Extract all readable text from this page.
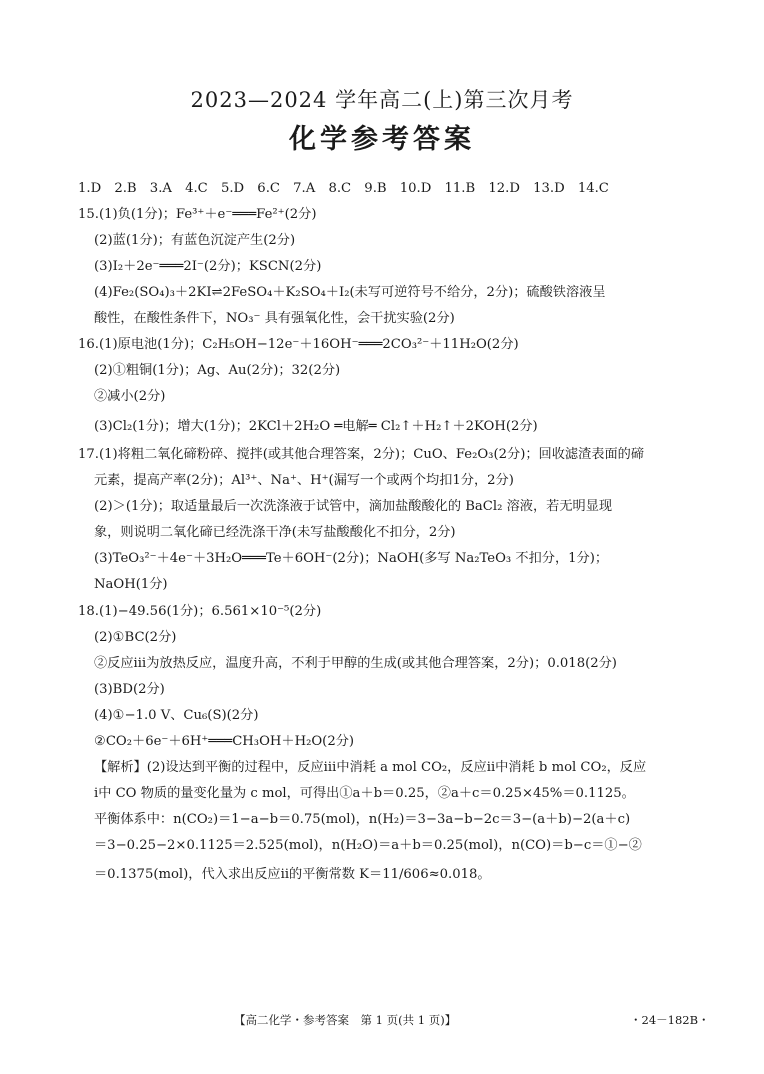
2023—2024 学年高二(上)第三次月考
化学参考答案
1.D　2.B　3.A　4.C　5.D　6.C　7.A　8.C　9.B　10.D　11.B　12.D　13.D　14.C
15.(1)负(1分)；Fe³⁺＋e⁻═══Fe²⁺(2分)
(2)蓝(1分)；有蓝色沉淀产生(2分)
(3)I₂＋2e⁻═══2I⁻(2分)；KSCN(2分)
(4)Fe₂(SO₄)₃＋2KI⇌2FeSO₄＋K₂SO₄＋I₂(未写可逆符号不给分，2分)；硫酸铁溶液呈
酸性，在酸性条件下，NO₃⁻ 具有强氧化性，会干扰实验(2分)
16.(1)原电池(1分)；C₂H₅OH−12e⁻＋16OH⁻═══2CO₃²⁻＋11H₂O(2分)
(2)①粗铜(1分)；Ag、Au(2分)；32(2分)
②减小(2分)
(3)Cl₂(1分)；增大(1分)；2KCl＋2H₂O ═电解═ Cl₂↑＋H₂↑＋2KOH(2分)
17.(1)将粗二氧化碲粉碎、搅拌(或其他合理答案，2分)；CuO、Fe₂O₃(2分)；回收滤渣表面的碲
元素，提高产率(2分)；Al³⁺、Na⁺、H⁺(漏写一个或两个均扣1分，2分)
(2)＞(1分)；取适量最后一次洗涤液于试管中，滴加盐酸酸化的 BaCl₂ 溶液，若无明显现
象，则说明二氧化碲已经洗涤干净(未写盐酸酸化不扣分，2分)
(3)TeO₃²⁻＋4e⁻＋3H₂O═══Te＋6OH⁻(2分)；NaOH(多写 Na₂TeO₃ 不扣分，1分)；
NaOH(1分)
18.(1)−49.56(1分)；6.561×10⁻⁵(2分)
(2)①BC(2分)
②反应ⅲ为放热反应，温度升高，不利于甲醇的生成(或其他合理答案，2分)；0.018(2分)
(3)BD(2分)
(4)①−1.0 V、Cu₆(S)(2分)
②CO₂＋6e⁻＋6H⁺═══CH₃OH＋H₂O(2分)
【解析】(2)设达到平衡的过程中，反应ⅲ中消耗 a mol CO₂，反应ⅱ中消耗 b mol CO₂，反应
ⅰ中 CO 物质的量变化量为 c mol，可得出①a＋b＝0.25，②a＋c＝0.25×45%＝0.1125。
平衡体系中：n(CO₂)＝1−a−b＝0.75(mol)，n(H₂)＝3−3a−b−2c＝3−(a＋b)−2(a＋c)
＝3−0.25−2×0.1125＝2.525(mol)，n(H₂O)＝a＋b＝0.25(mol)，n(CO)＝b−c＝①−②
＝0.1375(mol)，代入求出反应ⅱ的平衡常数 K＝11/606≈0.018。
【高二化学・参考答案　第 1 页(共 1 页)】	・24－182B・
